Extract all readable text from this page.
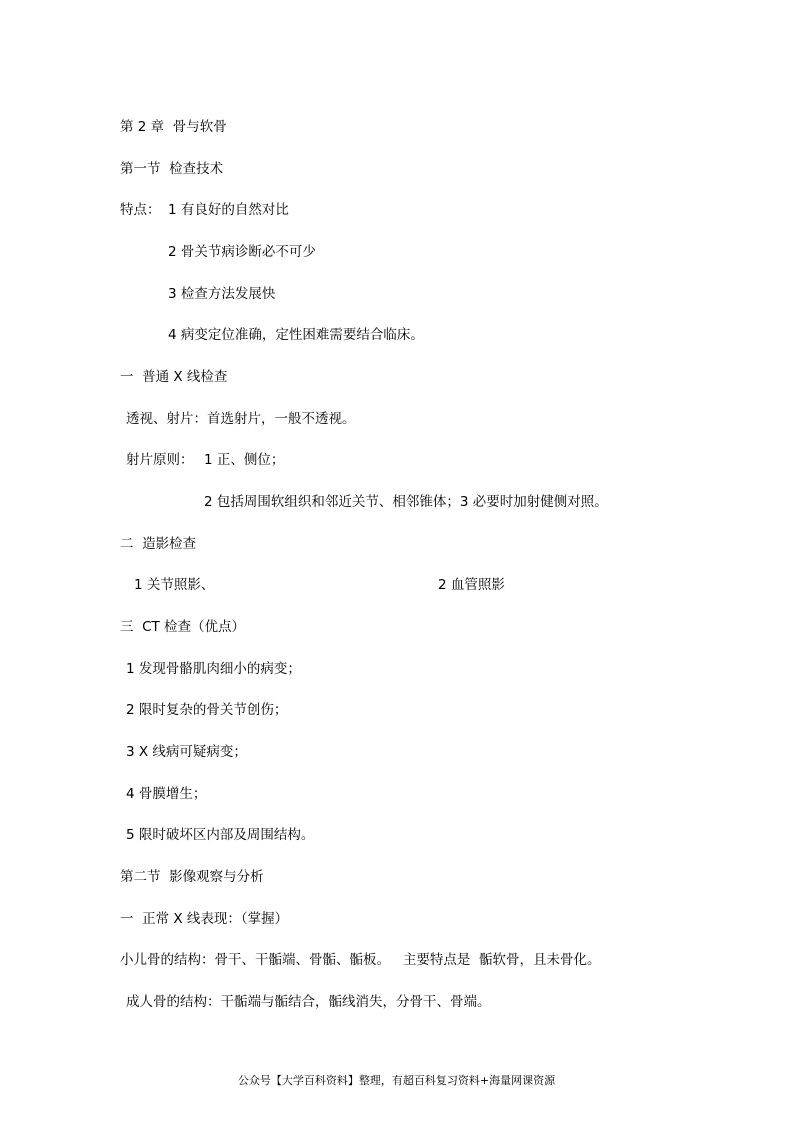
第 2 章  骨与软骨
第一节  检查技术
特点： 1 有良好的自然对比
2 骨关节病诊断必不可少
3 检查方法发展快
4 病变定位准确，定性困难需要结合临床。
一  普通 X 线检查
透视、射片：首选射片，一般不透视。
射片原则： 1 正、侧位；
2 包括周围软组织和邻近关节、相邻锥体；3 必要时加射健侧对照。
二  造影检查
1 关节照影、	2 血管照影
三  CT 检查（优点）
1 发现骨骼肌肉细小的病变；
2 限时复杂的骨关节创伤；
3 X 线病可疑病变；
4 骨膜增生；
5 限时破坏区内部及周围结构。
第二节  影像观察与分析
一  正常 X 线表现：（掌握）
小儿骨的结构：骨干、干骺端、骨骺、骺板。   主要特点是  骺软骨，且未骨化。
成人骨的结构：干骺端与骺结合，骺线消失，分骨干、骨端。
公众号【大学百科资料】整理，有超百科复习资料+海量网课资源
